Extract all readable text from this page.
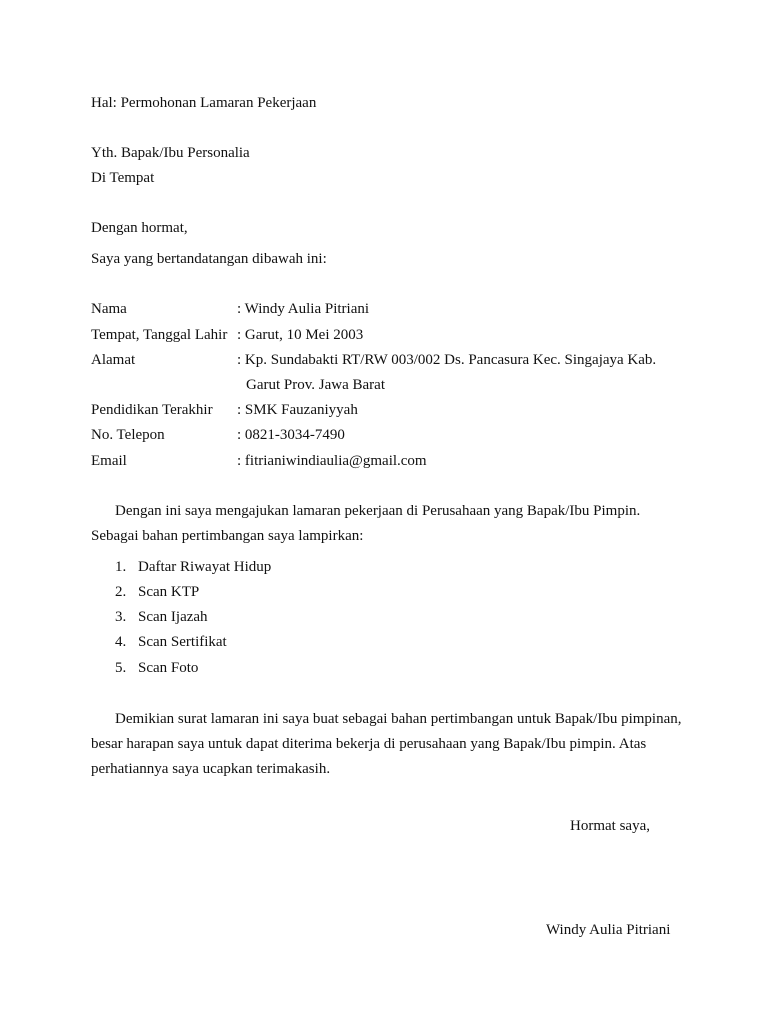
Hal: Permohonan Lamaran Pekerjaan
Yth. Bapak/Ibu Personalia
Di Tempat
Dengan hormat,
Saya yang bertandatangan dibawah ini:
Nama	: Windy Aulia Pitriani
Tempat, Tanggal Lahir : Garut, 10 Mei 2003
Alamat	: Kp. Sundabakti RT/RW 003/002 Ds. Pancasura Kec. Singajaya Kab.
Garut Prov. Jawa Barat
Pendidikan Terakhir : SMK Fauzaniyyah
No. Telepon	: 0821-3034-7490
Email	: fitrianiwindiaulia@gmail.com
Dengan ini saya mengajukan lamaran pekerjaan di Perusahaan yang Bapak/Ibu Pimpin.
Sebagai bahan pertimbangan saya lampirkan:
1. Daftar Riwayat Hidup
2. Scan KTP
3. Scan Ijazah
4. Scan Sertifikat
5. Scan Foto
Demikian surat lamaran ini saya buat sebagai bahan pertimbangan untuk Bapak/Ibu pimpinan,
besar harapan saya untuk dapat diterima bekerja di perusahaan yang Bapak/Ibu pimpin. Atas
perhatiannya saya ucapkan terimakasih.
Hormat saya,
Windy Aulia Pitriani
